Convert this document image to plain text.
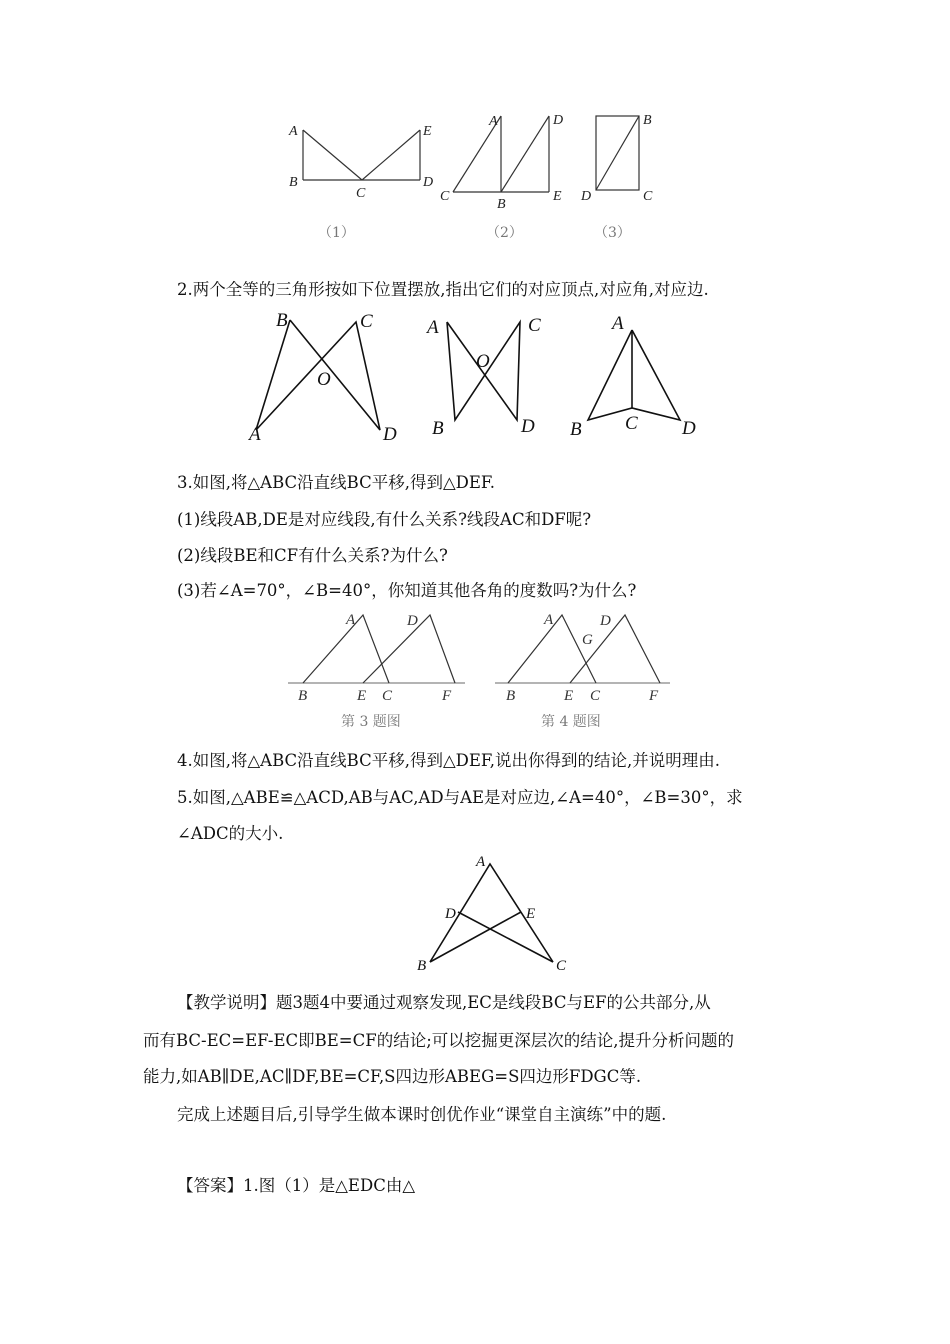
A
B
C
D
E
A	D
C
B
E
B
D	C
（1）	（2）	（3）
2.两个全等的三角形按如下位置摆放,指出它们的对应顶点,对应角,对应边.
B	C
O
A	D
A	C
O
B	D
A
B C D
3.如图,将△ABC沿直线BC平移,得到△DEF.
(1)线段AB,DE是对应线段,有什么关系?线段AC和DF呢?
(2)线段BE和CF有什么关系?为什么?
(3)若∠A=70°，∠B=40°，你知道其他各角的度数吗?为什么?
A	D
B	E C	F
第 3 题图
A	D
G
B	E C	F
第 4 题图
4.如图,将△ABC沿直线BC平移,得到△DEF,说出你得到的结论,并说明理由.
5.如图,△ABE≌△ACD,AB与AC,AD与AE是对应边,∠A=40°，∠B=30°，求
∠ADC的大小.
A
D	E
B	C
【教学说明】题3题4中要通过观察发现,EC是线段BC与EF的公共部分,从
而有BC-EC=EF-EC即BE=CF的结论;可以挖掘更深层次的结论,提升分析问题的
能力,如AB∥DE,AC∥DF,BE=CF,S四边形ABEG=S四边形FDGC等.
完成上述题目后,引导学生做本课时创优作业“课堂自主演练”中的题.
【答案】1.图（1）是△EDC由△
